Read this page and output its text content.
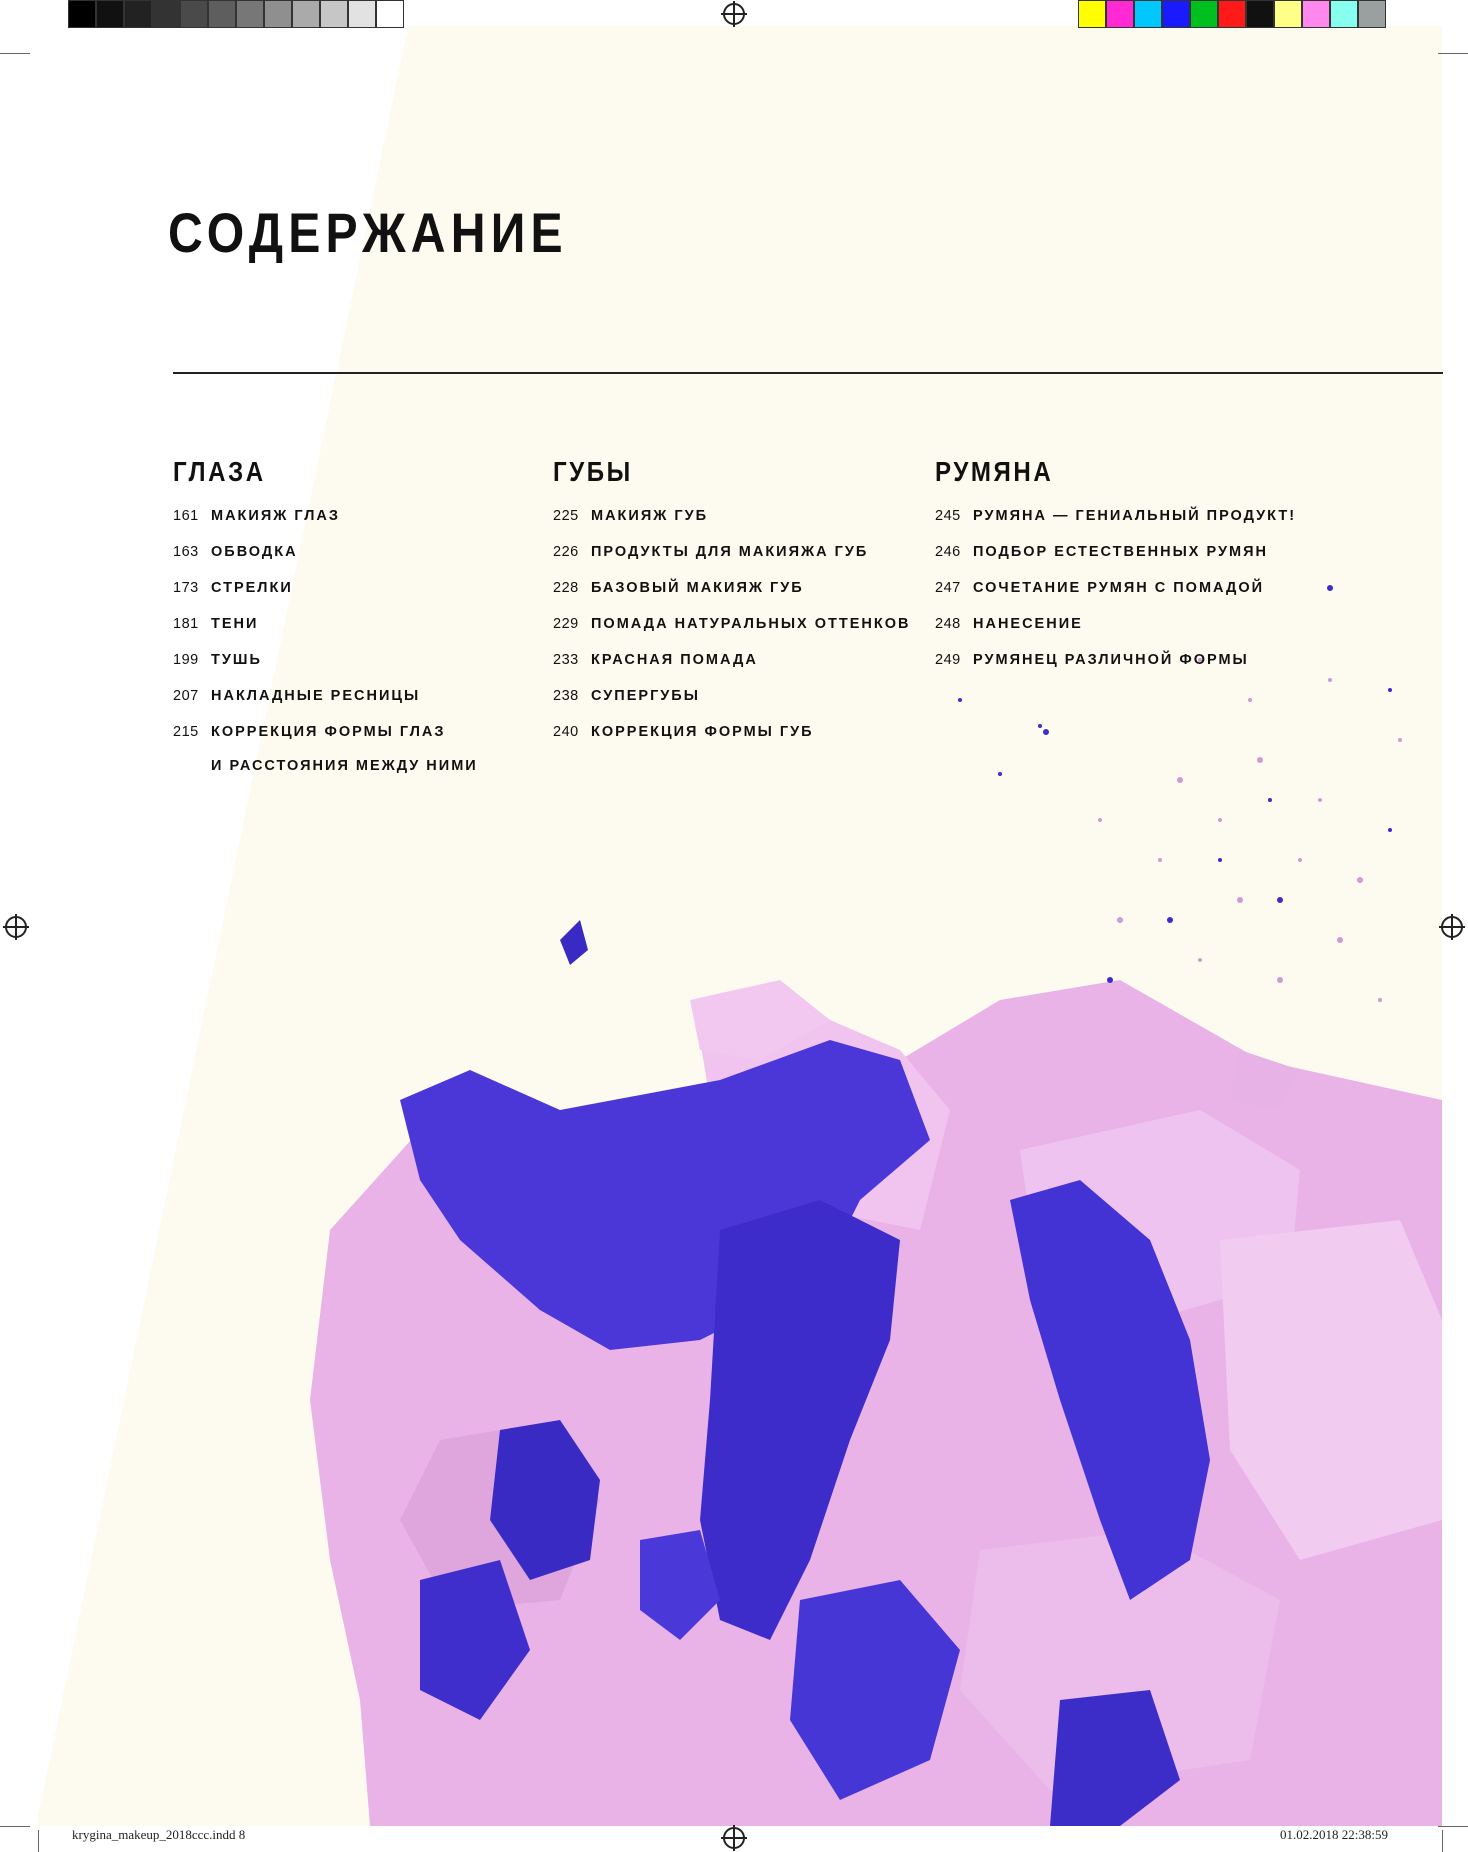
СОДЕРЖАНИЕ
ГЛАЗА
161 МАКИЯЖ ГЛАЗ
163 ОБВОДКА
173 СТРЕЛКИ
181 ТЕНИ
199 ТУШЬ
207 НАКЛАДНЫЕ РЕСНИЦЫ
215 КОРРЕКЦИЯ ФОРМЫ ГЛАЗ
И РАССТОЯНИЯ МЕЖДУ НИМИ
ГУБЫ
225 МАКИЯЖ ГУБ
226 ПРОДУКТЫ ДЛЯ МАКИЯЖА ГУБ
228 БАЗОВЫЙ МАКИЯЖ ГУБ
229 ПОМАДА НАТУРАЛЬНЫХ ОТТЕНКОВ
233 КРАСНАЯ ПОМАДА
238 СУПЕРГУБЫ
240 КОРРЕКЦИЯ ФОРМЫ ГУБ
РУМЯНА
245 РУМЯНА — ГЕНИАЛЬНЫЙ ПРОДУКТ!
246 ПОДБОР ЕСТЕСТВЕННЫХ РУМЯН
247 СОЧЕТАНИЕ РУМЯН С ПОМАДОЙ
248 НАНЕСЕНИЕ
249 РУМЯНЕЦ РАЗЛИЧНОЙ ФОРМЫ
krygina_makeup_2018ccc.indd 8	01.02.2018 22:38:59
